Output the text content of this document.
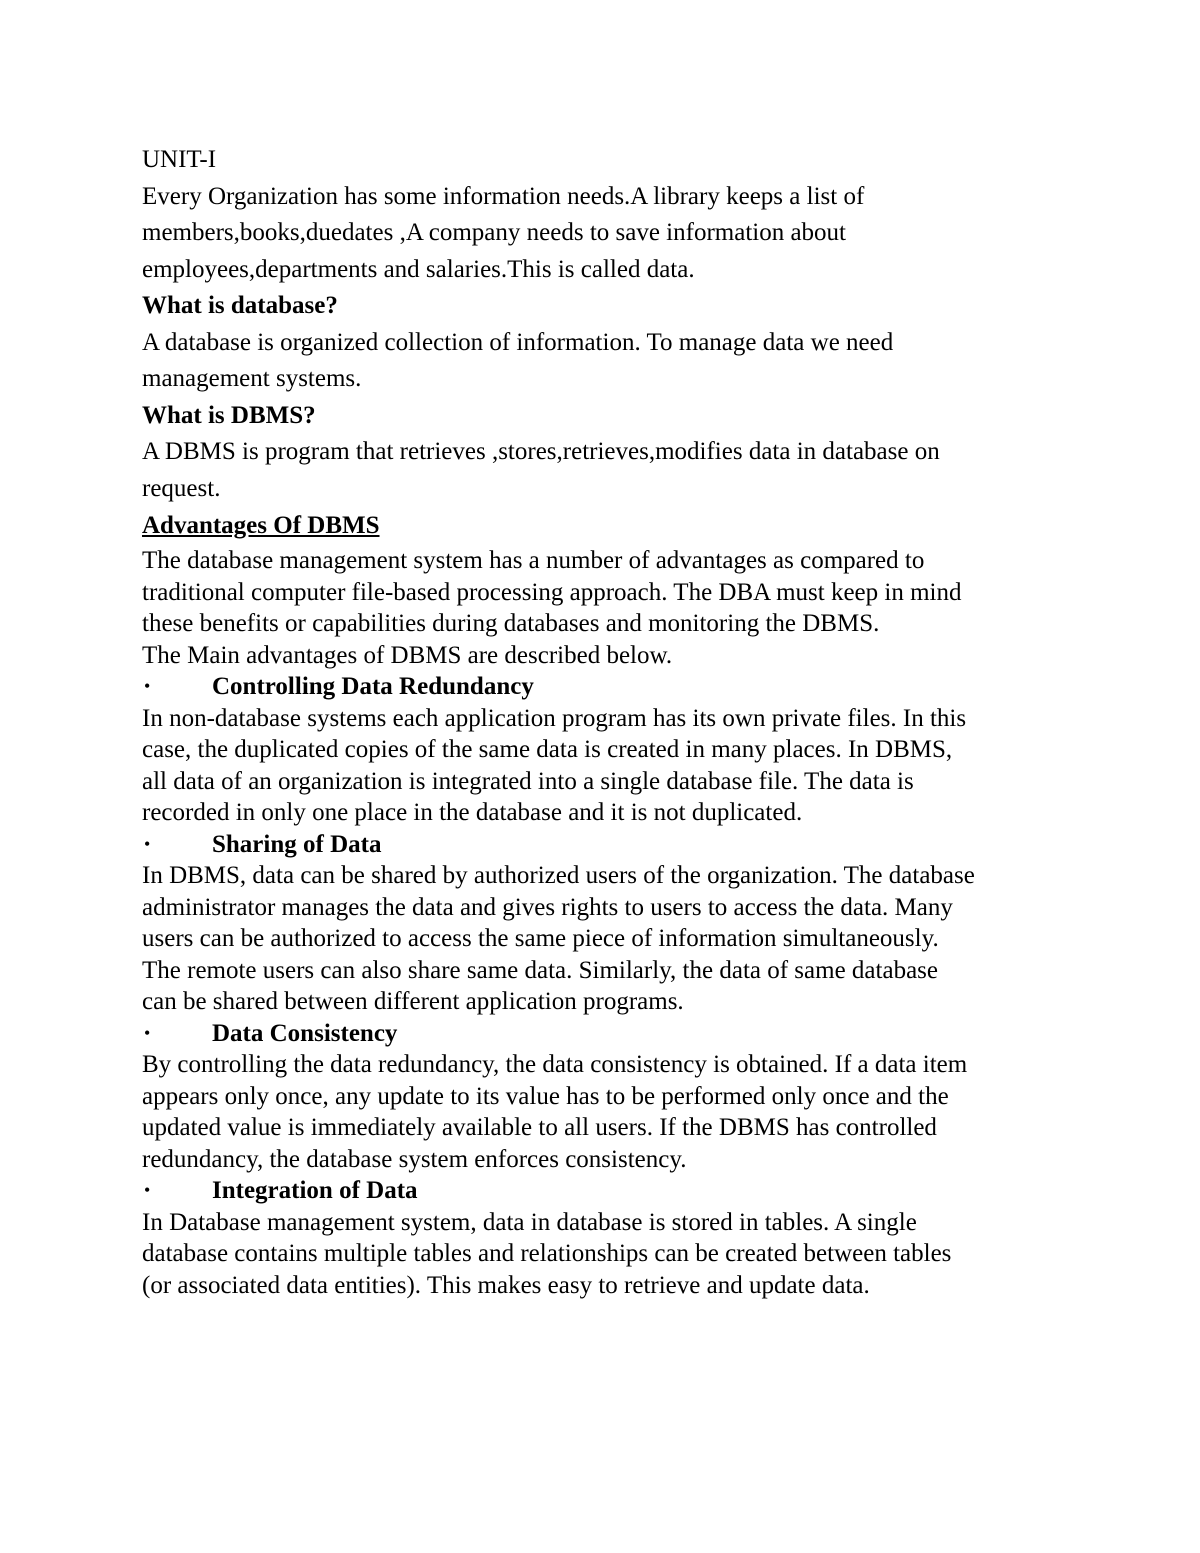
UNIT-I
Every Organization has some information needs.A library keeps a list of
members,books,duedates ,A company needs to save information about
employees,departments and salaries.This is called data.
What is database?
A database is organized collection of information. To manage data we need
management systems.
What is DBMS?
A DBMS is program that retrieves ,stores,retrieves,modifies data in database on
request.
Advantages Of DBMS
The database management system has a number of advantages as compared to
traditional computer file-based processing approach. The DBA must keep in mind
these benefits or capabilities during databases and monitoring the DBMS.
The Main advantages of DBMS are described below.
•	Controlling Data Redundancy
In non-database systems each application program has its own private files. In this
case, the duplicated copies of the same data is created in many places. In DBMS,
all data of an organization is integrated into a single database file. The data is
recorded in only one place in the database and it is not duplicated.
•	Sharing of Data
In DBMS, data can be shared by authorized users of the organization. The database
administrator manages the data and gives rights to users to access the data. Many
users can be authorized to access the same piece of information simultaneously.
The remote users can also share same data. Similarly, the data of same database
can be shared between different application programs.
•	Data Consistency
By controlling the data redundancy, the data consistency is obtained. If a data item
appears only once, any update to its value has to be performed only once and the
updated value is immediately available to all users. If the DBMS has controlled
redundancy, the database system enforces consistency.
•	Integration of Data
In Database management system, data in database is stored in tables. A single
database contains multiple tables and relationships can be created between tables
(or associated data entities). This makes easy to retrieve and update data.
